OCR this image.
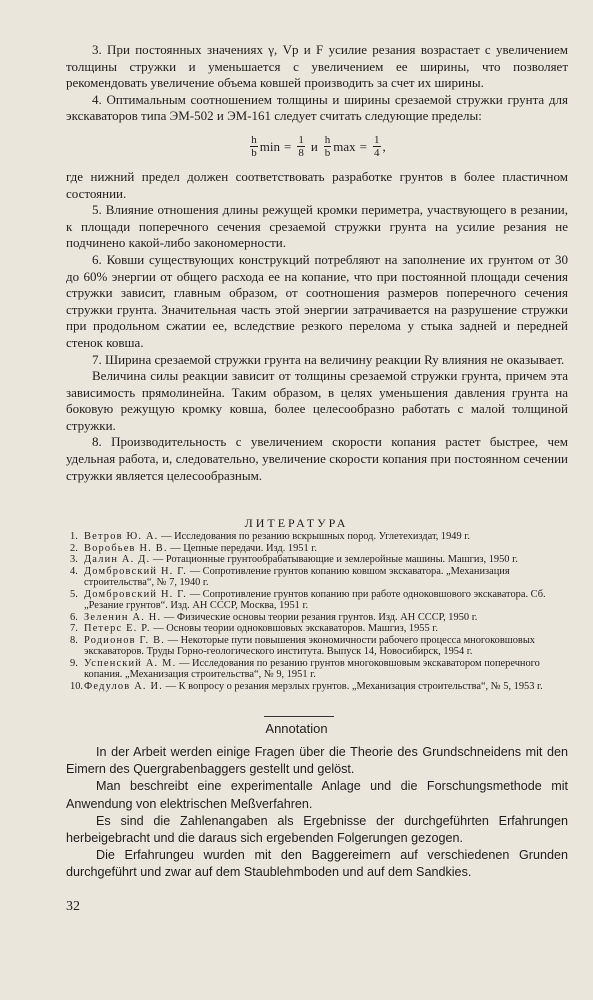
3. При постоянных значениях γ, Vp и F усилие резания возрастает с увеличением толщины стружки и уменьшается с увеличением ее ширины, что позволяет рекомендовать увеличение объема ковшей производить за счет их ширины.

4. Оптимальным соотношением толщины и ширины срезаемой стружки грунта для экскаваторов типа ЭМ-502 и ЭМ-161 следует считать следующие пределы:

$\frac{h}{b}$ $\min = \frac{1}{8}$ и $\frac{h}{b}$ $\max = \frac{1}{4}$ ,

где нижний предел должен соответствовать разработке грунтов в более пластичном состоянии.

5. Влияние отношения длины режущей кромки периметра, участвующего в резании, к площади поперечного сечения срезаемой стружки грунта на усилие резания не подчинено какой-либо закономерности.

6. Ковши существующих конструкций потребляют на заполнение их грунтом от 30 до 60% энергии от общего расхода ее на копание, что при постоянной площади сечения стружки зависит, главным образом, от соотношения размеров поперечного сечения стружки грунта. Значительная часть этой энергии затрачивается на разрушение стружки при продольном сжатии ее, вследствие резкого перелома у стыка задней и передней стенок ковша.

7. Ширина срезаемой стружки грунта на величину реакции Ry влияния не оказывает.

Величина силы реакции зависит от толщины срезаемой стружки грунта, причем эта зависимость прямолинейна. Таким образом, в целях уменьшения давления грунта на боковую режущую кромку ковша, более целесообразно работать с малой толщиной стружки.

8. Производительность с увеличением скорости копания растет быстрее, чем удельная работа, и, следовательно, увеличение скорости копания при постоянном сечении стружки является целесообразным.

ЛИТЕРАТУРА
1. Ветров Ю. А. — Исследования по резанию вскрышных пород. Углетехиздат, 1949 г.
2. Воробьев Н. В. — Цепные передачи. Изд. 1951 г.
3. Далин А. Д. — Ротационные грунтообрабатывающие и землеройные машины. Машгиз, 1950 г.
4. Домбровский Н. Г. — Сопротивление грунтов копанию ковшом экскаватора. „Механизация строительства“, № 7, 1940 г.
5. Домбровский Н. Г. — Сопротивление грунтов копанию при работе одноковшового экскаватора. Сб. „Резание грунтов“. Изд. АН СССР, Москва, 1951 г.
6. Зеленин А. Н. — Физические основы теории резания грунтов. Изд. АН СССР, 1950 г.
7. Петерс Е. Р. — Основы теории одноковшовых экскаваторов. Машгиз, 1955 г.
8. Родионов Г. В. — Некоторые пути повышения экономичности рабочего процесса многоковшовых экскаваторов. Труды Горно-геологического института. Выпуск 14, Новосибирск, 1954 г.
9. Успенский А. М. — Исследования по резанию грунтов многоковшовым экскаватором поперечного копания. „Механизация строительства“, № 9, 1951 г.
10. Федулов А. И. — К вопросу о резания мерзлых грунтов. „Механизация строительства“, № 5, 1953 г.
Annotation

In der Arbeit werden einige Fragen über die Theorie des Grundschneidens mit den Eimern des Quergrabenbaggers gestellt und gelöst.

Man beschreibt eine experimentalle Anlage und die Forschungsmethode mit Anwendung von elektrischen Meßverfahren.

Es sind die Zahlenangaben als Ergebnisse der durchgeführten Erfahrungen herbeigebracht und die daraus sich ergebenden Folgerungen gezogen.

Die Erfahrungeu wurden mit den Baggereimern auf verschiedenen Grunden durchgeführt und zwar auf dem Staublehmboden und auf dem Sandkies.

32
